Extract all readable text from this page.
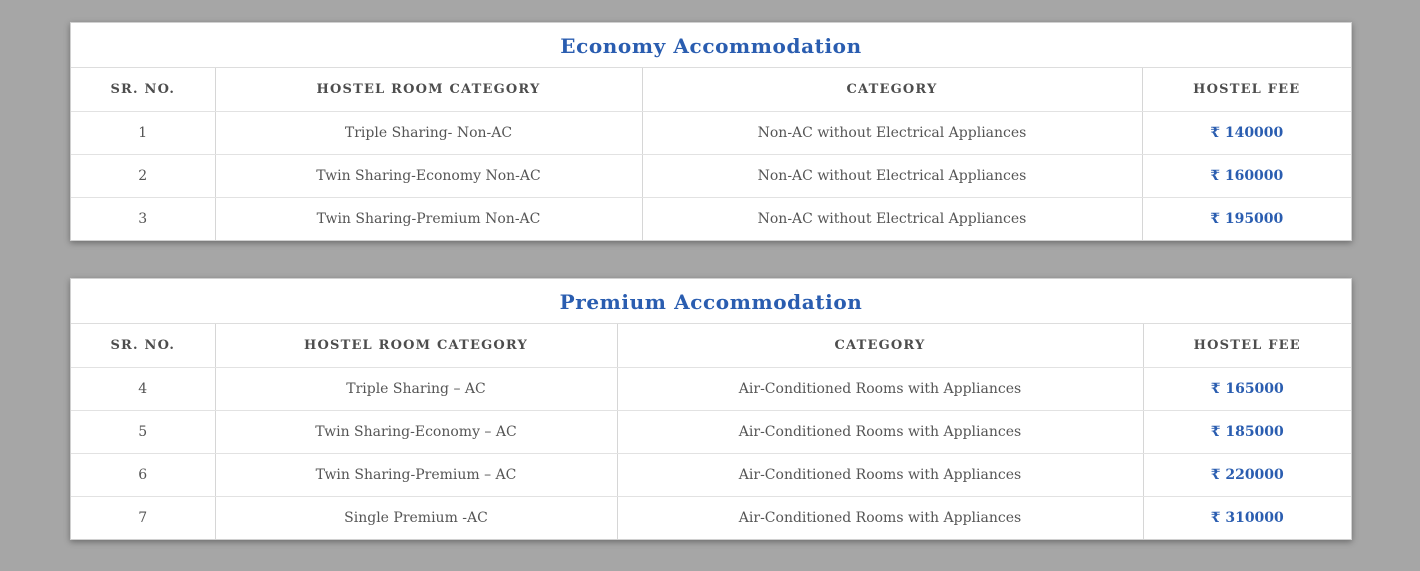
Economy Accommodation
SR. NO.	HOSTEL ROOM CATEGORY	CATEGORY	HOSTEL FEE
1	Triple Sharing- Non-AC	Non-AC without Electrical Appliances	₹ 140000
2	Twin Sharing-Economy Non-AC	Non-AC without Electrical Appliances	₹ 160000
3	Twin Sharing-Premium Non-AC	Non-AC without Electrical Appliances	₹ 195000
Premium Accommodation
SR. NO.	HOSTEL ROOM CATEGORY	CATEGORY	HOSTEL FEE
4	Triple Sharing – AC	Air-Conditioned Rooms with Appliances	₹ 165000
5	Twin Sharing-Economy – AC	Air-Conditioned Rooms with Appliances	₹ 185000
6	Twin Sharing-Premium – AC	Air-Conditioned Rooms with Appliances	₹ 220000
7	Single Premium -AC	Air-Conditioned Rooms with Appliances	₹ 310000
